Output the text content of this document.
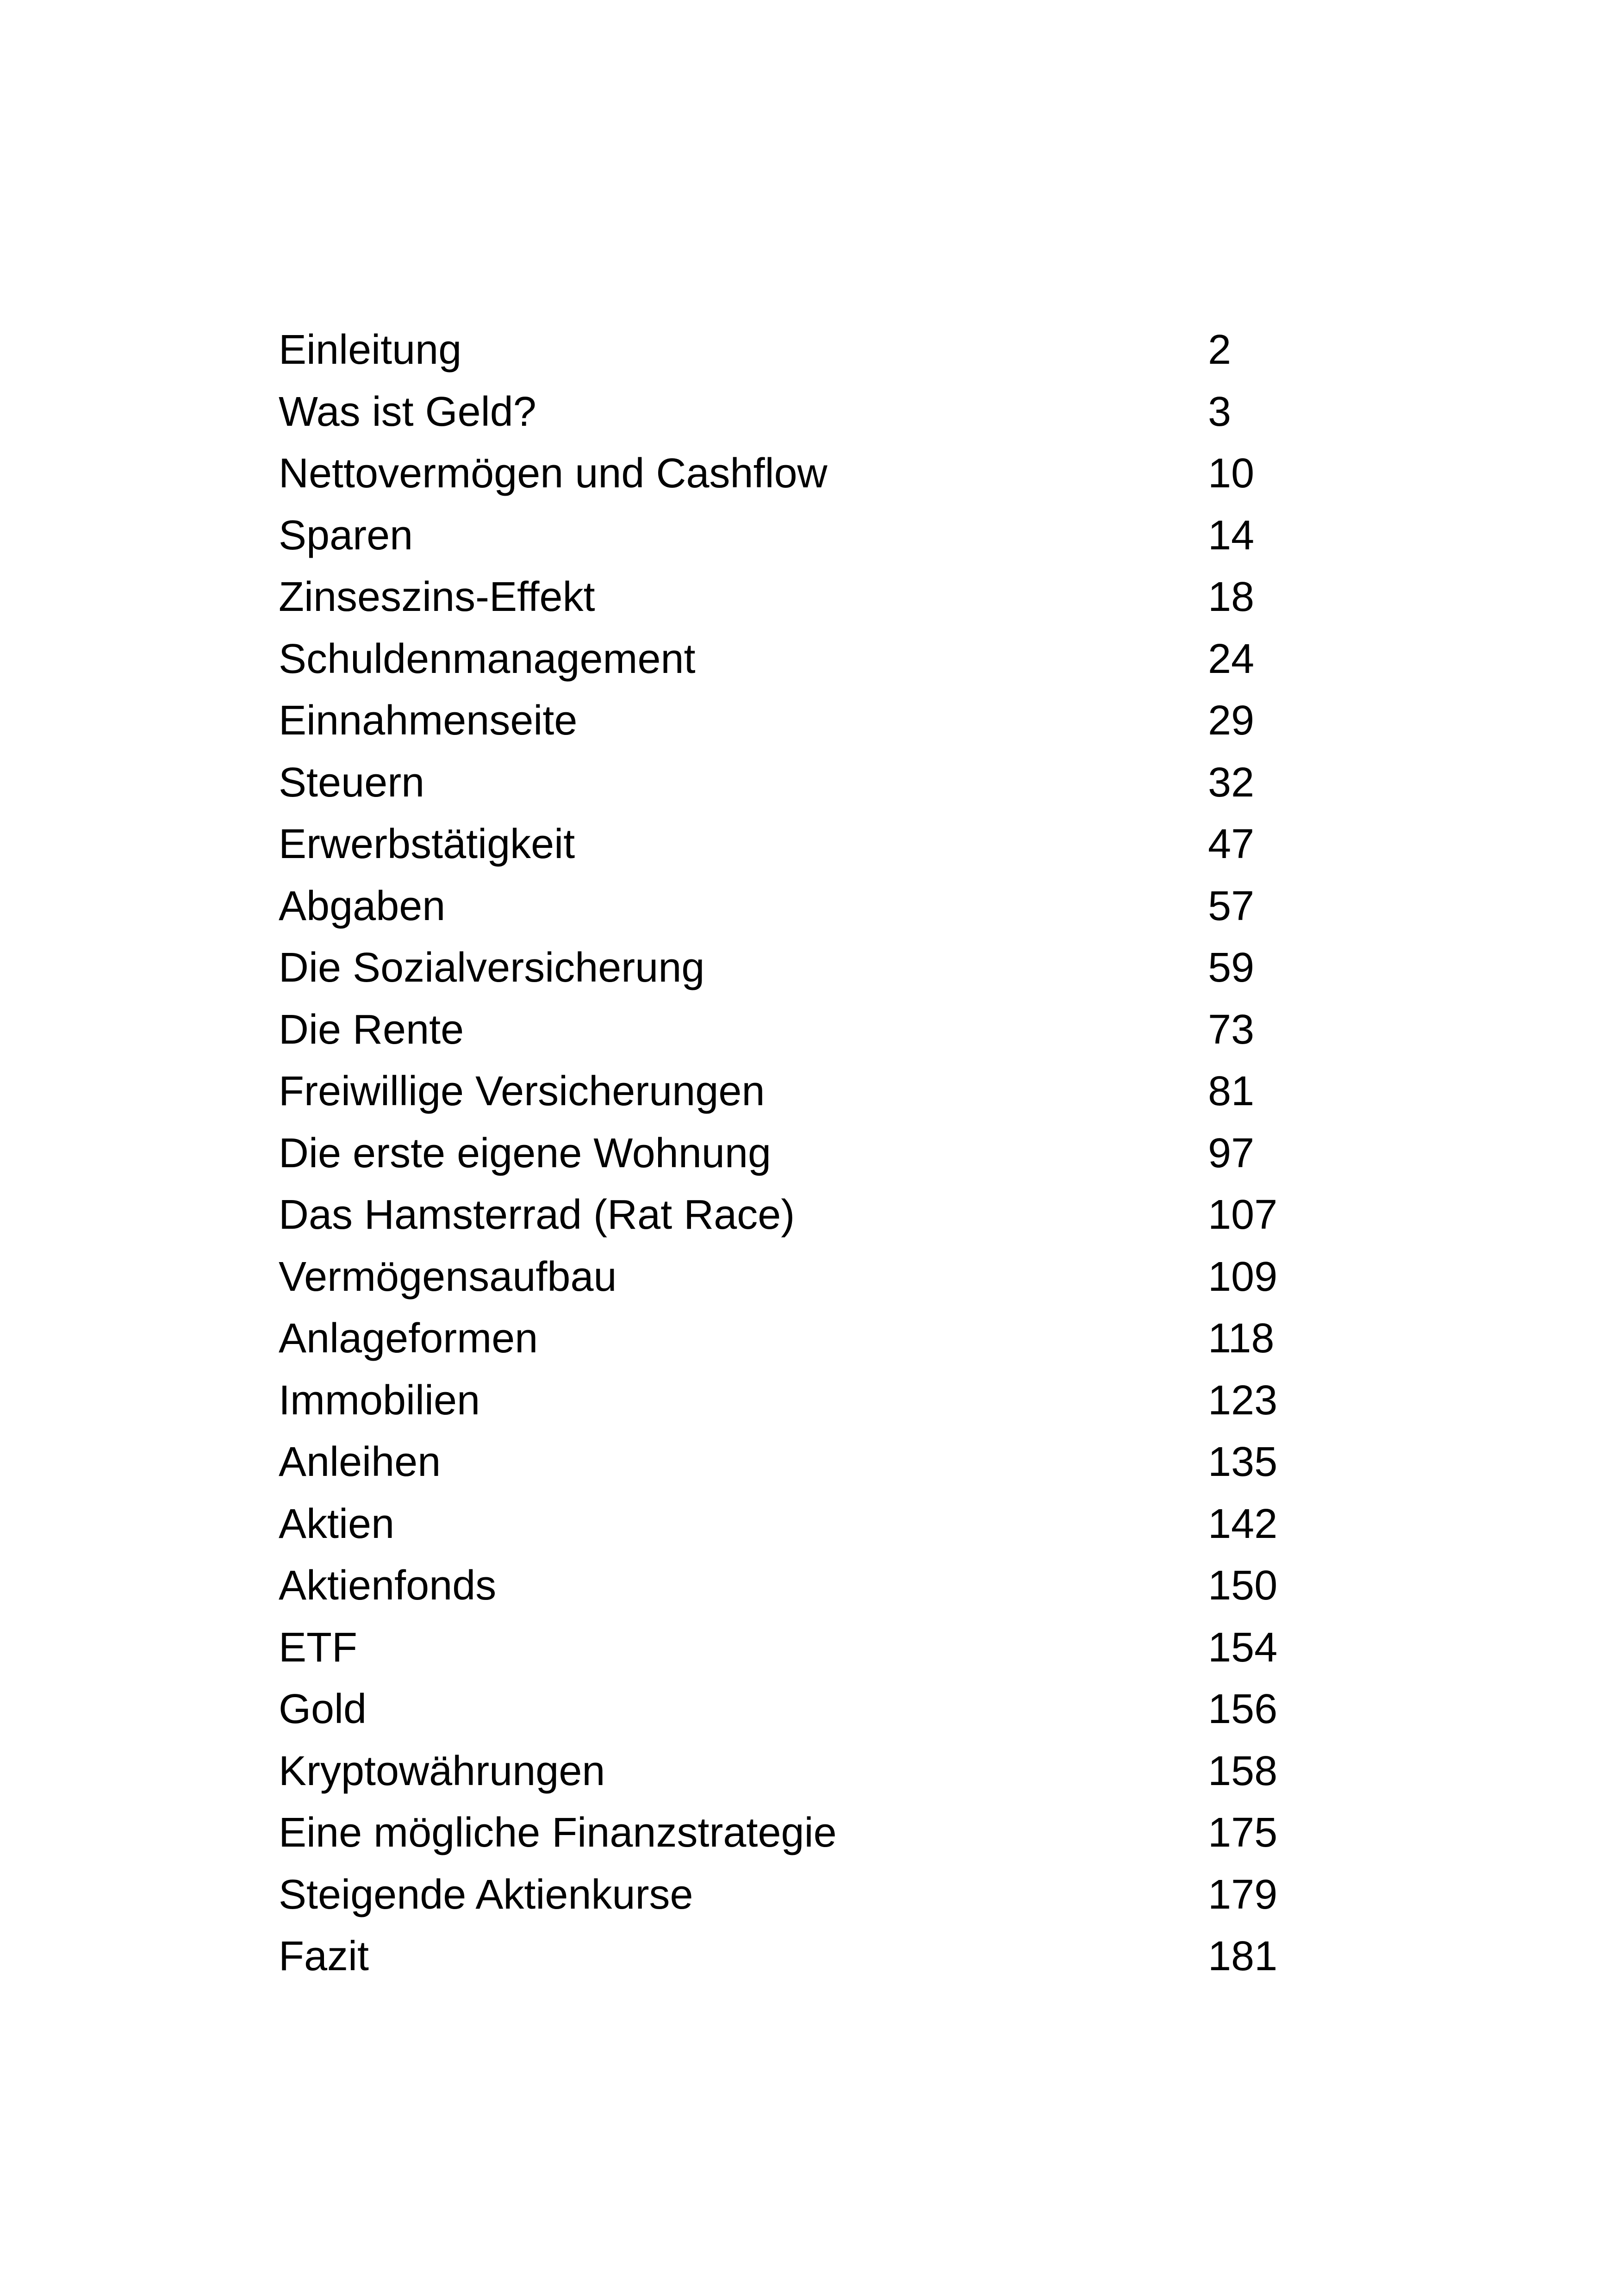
Einleitung	2
Was ist Geld?	3
Nettovermögen und Cashflow	10
Sparen	14
Zinseszins-Effekt	18
Schuldenmanagement	24
Einnahmenseite	29
Steuern	32
Erwerbstätigkeit	47
Abgaben	57
Die Sozialversicherung	59
Die Rente	73
Freiwillige Versicherungen	81
Die erste eigene Wohnung	97
Das Hamsterrad (Rat Race)	107
Vermögensaufbau	109
Anlageformen	118
Immobilien	123
Anleihen	135
Aktien	142
Aktienfonds	150
ETF	154
Gold	156
Kryptowährungen	158
Eine mögliche Finanzstrategie	175
Steigende Aktienkurse	179
Fazit	181
